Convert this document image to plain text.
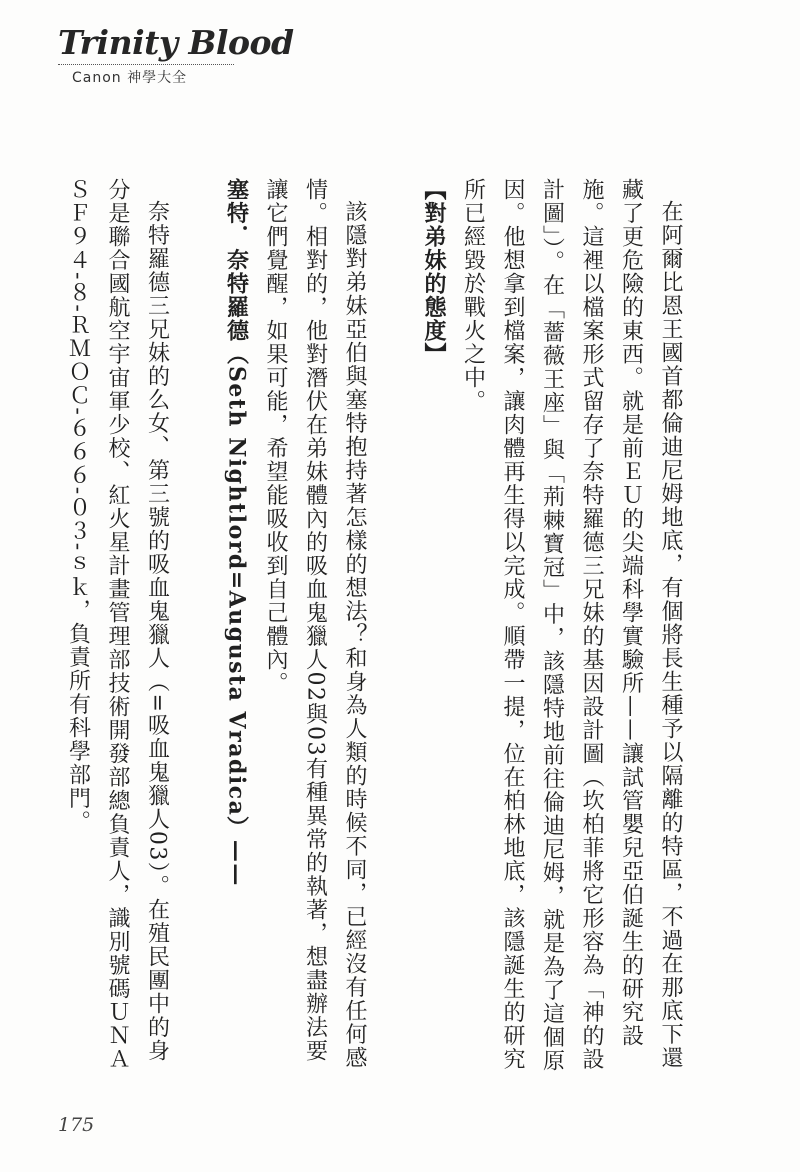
Trinity Blood
Canon 神學大全

在阿爾比恩王國首都倫迪尼姆地底，有個將長生種予以隔離的特區，不過在那底下還藏了更危險的東西。就是前ＥＵ的尖端科學實驗所——讓試管嬰兒亞伯誕生的研究設施。這裡以檔案形式留存了奈特羅德三兄妹的基因設計圖（坎柏菲將它形容為「神的設計圖」）。在「薔薇王座」與「荊棘寶冠」中，該隱特地前往倫迪尼姆，就是為了這個原因。他想拿到檔案，讓肉體再生得以完成。順帶一提，位在柏林地底，該隱誕生的研究所已經毀於戰火之中。

【對弟妹的態度】

該隱對弟妹亞伯與塞特抱持著怎樣的想法？和身為人類的時候不同，已經沒有任何感情。相對的，他對潛伏在弟妹體內的吸血鬼獵人02與03有種異常的執著，想盡辦法要讓它們覺醒，如果可能，希望能吸收到自己體內。

塞特．奈特羅德（Seth Nightlord=Augusta Vradica）——

奈特羅德三兄妹的么女、第三號的吸血鬼獵人（=吸血鬼獵人03）。在殖民團中的身分是聯合國航空宇宙軍少校、紅火星計畫管理部技術開發部總負責人，識別號碼ＵＮＡＳＦ９４-８-ＲＭＯＣ-６６６-０３-ｓｋ，負責所有科學部門。

175
